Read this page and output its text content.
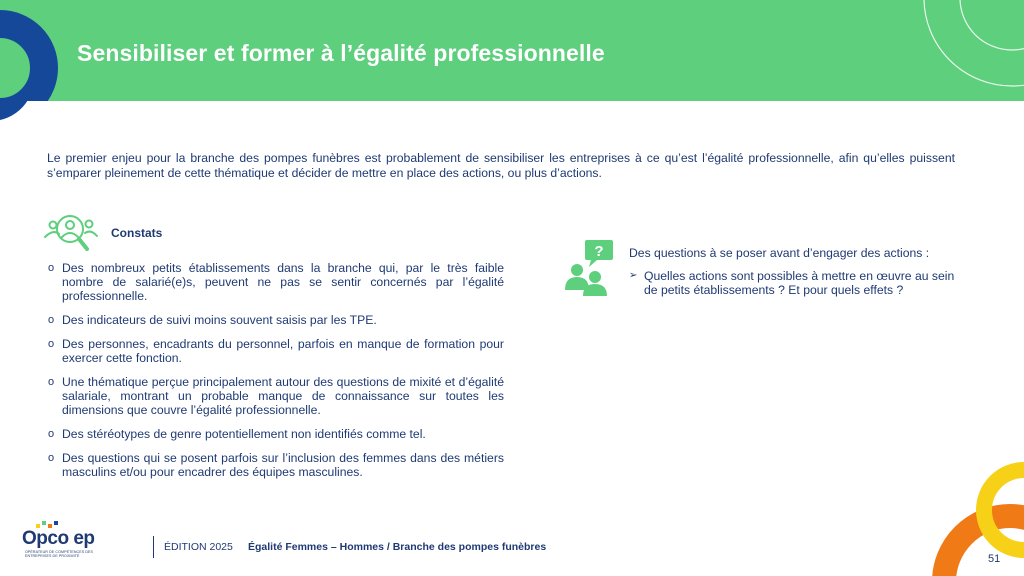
Sensibiliser et former à l’égalité professionnelle

Le premier enjeu pour la branche des pompes funèbres est probablement de sensibiliser les entreprises à ce qu’est l’égalité professionnelle, afin qu’elles puissent s’emparer pleinement de cette thématique et décider de mettre en place des actions, ou plus d’actions.

Constats
o Des nombreux petits établissements dans la branche qui, par le très faible nombre de salarié(e)s, peuvent ne pas se sentir concernés par l’égalité professionnelle.
o Des indicateurs de suivi moins souvent saisis par les TPE.
o Des personnes, encadrants du personnel, parfois en manque de formation pour exercer cette fonction.
o Une thématique perçue principalement autour des questions de mixité et d’égalité salariale, montrant un probable manque de connaissance sur toutes les dimensions que couvre l’égalité professionnelle.
o Des stéréotypes de genre potentiellement non identifiés comme tel.
o Des questions qui se posent parfois sur l’inclusion des femmes dans des métiers masculins et/ou pour encadrer des équipes masculines.
? Des questions à se poser avant d’engager des actions :
➢ Quelles actions sont possibles à mettre en œuvre au sein de petits établissements ? Et pour quels effets ?
Opco ep
OPÉRATEUR DE COMPÉTENCES DES ENTREPRISES DE PROXIMITÉ
ÉDITION 2025 Égalité Femmes – Hommes / Branche des pompes funèbres
51
